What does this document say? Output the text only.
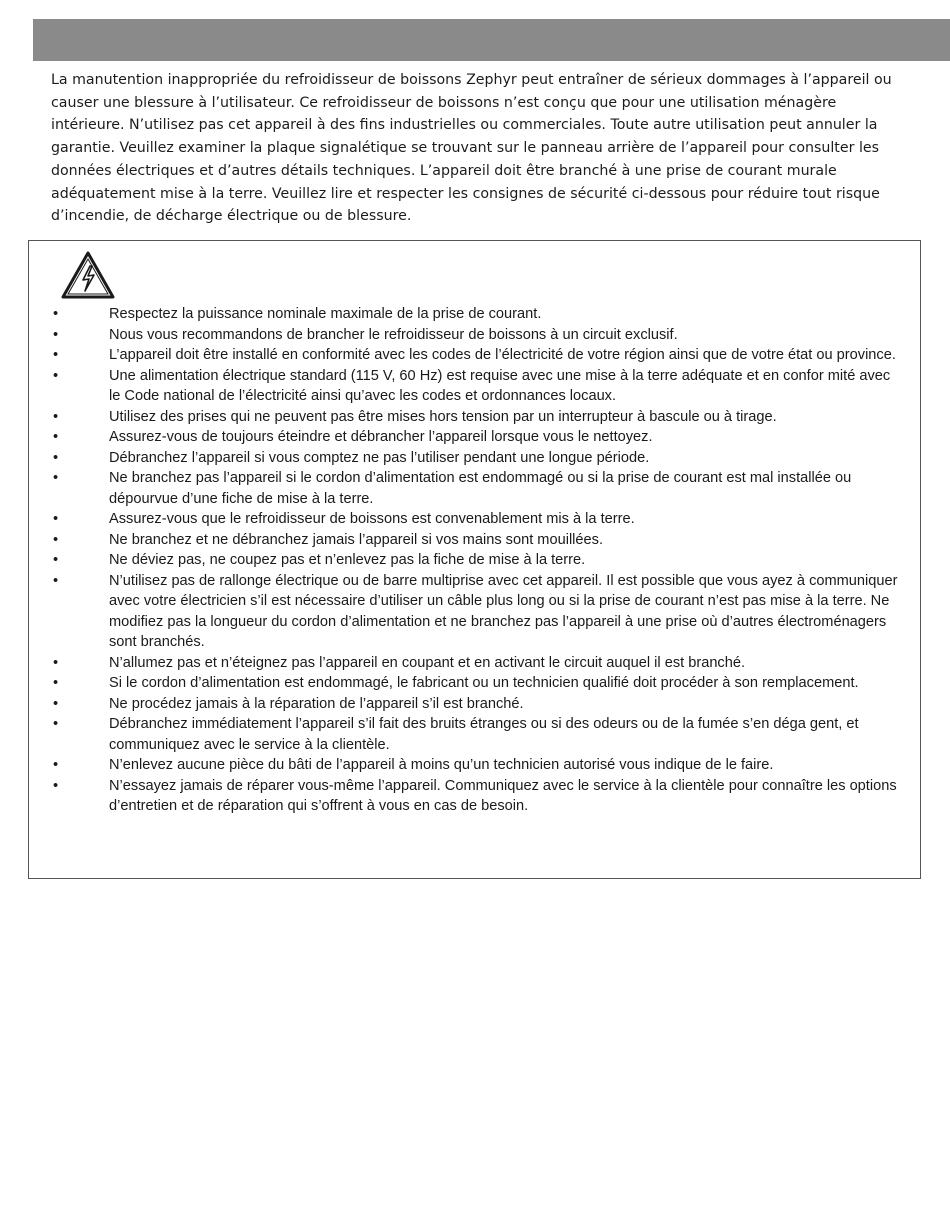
La manutention inappropriée du refroidisseur de boissons Zephyr peut entraîner de sérieux dommages à l’appareil ou causer une blessure à l’utilisateur. Ce refroidisseur de boissons n’est conçu que pour une utilisation ménagère intérieure. N’utilisez pas cet appareil à des fins industrielles ou commerciales. Toute autre utilisation peut annuler la garantie. Veuillez examiner la plaque signalétique se trouvant sur le panneau arrière de l’appareil pour consulter les données électriques et d’autres détails techniques. L’appareil doit être branché à une prise de courant murale adéquatement mise à la terre. Veuillez lire et respecter les consignes de sécurité ci-dessous pour réduire tout risque d’incendie, de décharge électrique ou de blessure.

•	Respectez la puissance nominale maximale de la prise de courant.
•	Nous vous recommandons de brancher le refroidisseur de boissons à un circuit exclusif.
•	L’appareil doit être installé en conformité avec les codes de l’électricité de votre région ainsi que de votre état ou province.
•	Une alimentation électrique standard (115 V, 60 Hz) est requise avec une mise à la terre adéquate et en confor mité avec le Code national de l’électricité ainsi qu’avec les codes et ordonnances locaux.
•	Utilisez des prises qui ne peuvent pas être mises hors tension par un interrupteur à bascule ou à tirage.
•	Assurez-vous de toujours éteindre et débrancher l’appareil lorsque vous le nettoyez.
•	Débranchez l’appareil si vous comptez ne pas l’utiliser pendant une longue période.
•	Ne branchez pas l’appareil si le cordon d’alimentation est endommagé ou si la prise de courant est mal installée ou dépourvue d’une fiche de mise à la terre.
•	Assurez-vous que le refroidisseur de boissons est convenablement mis à la terre.
•	Ne branchez et ne débranchez jamais l’appareil si vos mains sont mouillées.
•	Ne déviez pas, ne coupez pas et n’enlevez pas la fiche de mise à la terre.
•	N’utilisez pas de rallonge électrique ou de barre multiprise avec cet appareil. Il est possible que vous ayez à communiquer avec votre électricien s’il est nécessaire d’utiliser un câble plus long ou si la prise de courant n’est pas mise à la terre. Ne modifiez pas la longueur du cordon d’alimentation et ne branchez pas l’appareil à une prise où d’autres électroménagers sont branchés.
•	N’allumez pas et n’éteignez pas l’appareil en coupant et en activant le circuit auquel il est branché.
•	Si le cordon d’alimentation est endommagé, le fabricant ou un technicien qualifié doit procéder à son remplacement.
•	Ne procédez jamais à la réparation de l’appareil s’il est branché.
•	Débranchez immédiatement l’appareil s’il fait des bruits étranges ou si des odeurs ou de la fumée s’en déga gent, et communiquez avec le service à la clientèle.
•	N’enlevez aucune pièce du bâti de l’appareil à moins qu’un technicien autorisé vous indique de le faire.
•	N’essayez jamais de réparer vous-même l’appareil. Communiquez avec le service à la clientèle pour connaître les options d’entretien et de réparation qui s’offrent à vous en cas de besoin.
